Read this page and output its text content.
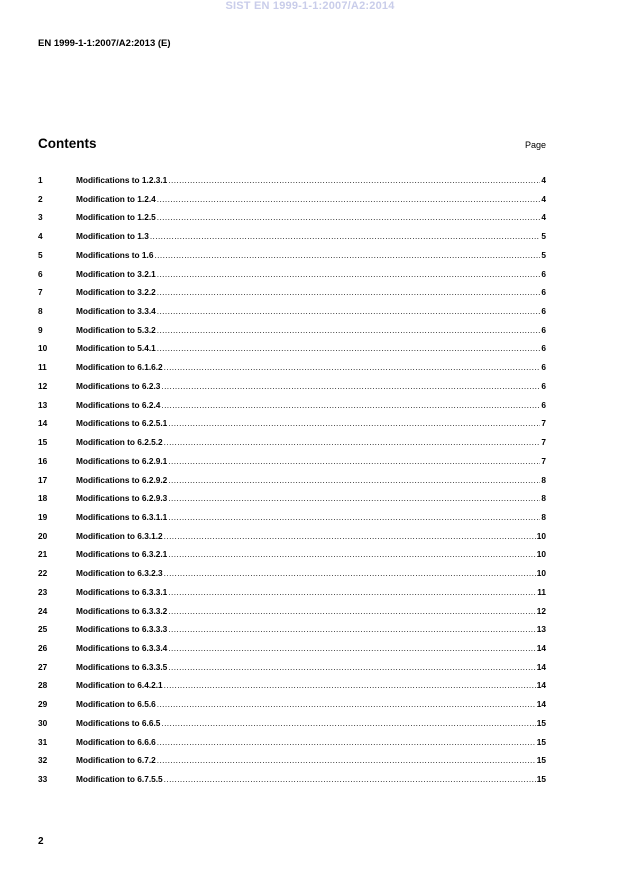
SIST EN 1999-1-1:2007/A2:2014
EN 1999-1-1:2007/A2:2013 (E)
Contents	Page
1	Modifications to 1.2.3.1 .....	4
2	Modification to 1.2.4 .....	4
3	Modification to 1.2.5 .....	4
4	Modification to 1.3 .....	5
5	Modifications to 1.6 .....	5
6	Modification to 3.2.1 .....	6
7	Modification to 3.2.2 .....	6
8	Modification to 3.3.4 .....	6
9	Modification to 5.3.2 .....	6
10	Modification to 5.4.1 .....	6
11	Modification to 6.1.6.2 .....	6
12	Modifications to 6.2.3 .....	6
13	Modifications to 6.2.4 .....	6
14	Modifications to 6.2.5.1 .....	7
15	Modification to 6.2.5.2 .....	7
16	Modifications to 6.2.9.1 .....	7
17	Modifications to 6.2.9.2 .....	8
18	Modifications to 6.2.9.3 .....	8
19	Modifications to 6.3.1.1 .....	8
20	Modification to 6.3.1.2 .....	10
21	Modifications to 6.3.2.1 .....	10
22	Modification to 6.3.2.3 .....	10
23	Modifications to 6.3.3.1 .....	11
24	Modifications to 6.3.3.2 .....	12
25	Modifications to 6.3.3.3 .....	13
26	Modifications to 6.3.3.4 .....	14
27	Modifications to 6.3.3.5 .....	14
28	Modification to 6.4.2.1 .....	14
29	Modification to 6.5.6 .....	14
30	Modifications to 6.6.5 .....	15
31	Modification to 6.6.6 .....	15
32	Modification to 6.7.2 .....	15
33	Modification to 6.7.5.5 .....	15
2
